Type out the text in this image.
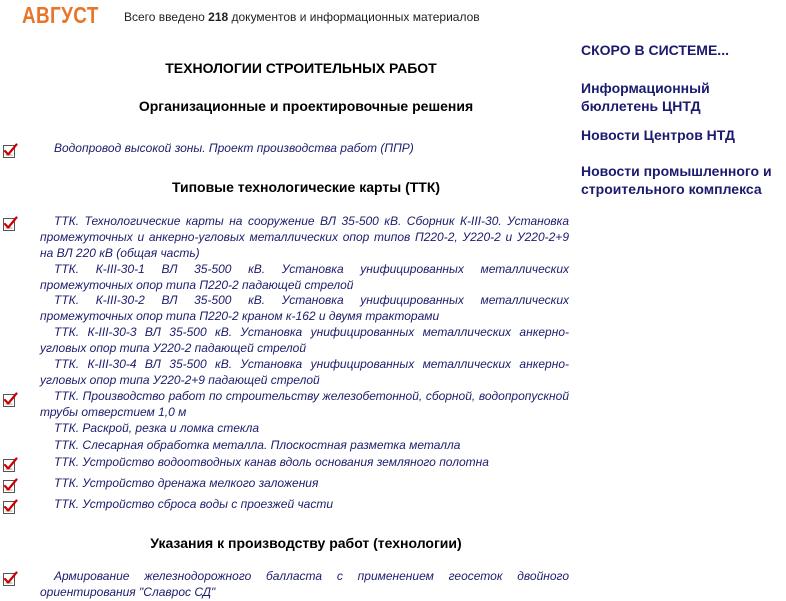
АВГУСТ Всего введено 218 документов и информационных материалов
ТЕХНОЛОГИИ СТРОИТЕЛЬНЫХ РАБОТ
Организационные и проектировочные решения
Водопровод высокой зоны. Проект производства работ (ППР)
Типовые технологические карты (ТТК)
ТТК. Технологические карты на сооружение ВЛ 35-500 кВ. Сборник К-III-30. Установка промежуточных и анкерно-угловых металлических опор типов П220-2, У220-2 и У220-2+9 на ВЛ 220 кВ (общая часть)
ТТК. К-III-30-1 ВЛ 35-500 кВ. Установка унифицированных металлических промежуточных опор типа П220-2 падающей стрелой
ТТК. К-III-30-2 ВЛ 35-500 кВ. Установка унифицированных металлических промежуточных опор типа П220-2 краном к-162 и двумя тракторами
ТТК. К-III-30-3 ВЛ 35-500 кВ. Установка унифицированных металлических анкерно-угловых опор типа У220-2 падающей стрелой
ТТК. К-III-30-4 ВЛ 35-500 кВ. Установка унифицированных металлических анкерно-угловых опор типа У220-2+9 падающей стрелой
ТТК. Производство работ по строительству железобетонной, сборной, водопропускной трубы отверстием 1,0 м
ТТК. Раскрой, резка и ломка стекла
ТТК. Слесарная обработка металла. Плоскостная разметка металла
ТТК. Устройство водоотводных канав вдоль основания земляного полотна
ТТК. Устройство дренажа мелкого заложения
ТТК. Устройство сброса воды с проезжей части
Указания к производству работ (технологии)
Армирование железнодорожного балласта с применением геосеток двойного ориентирования "Славрос СД"
СКОРО В СИСТЕМЕ...
Информационный бюллетень ЦНТД
Новости Центров НТД
Новости промышленного и строительного комплекса
